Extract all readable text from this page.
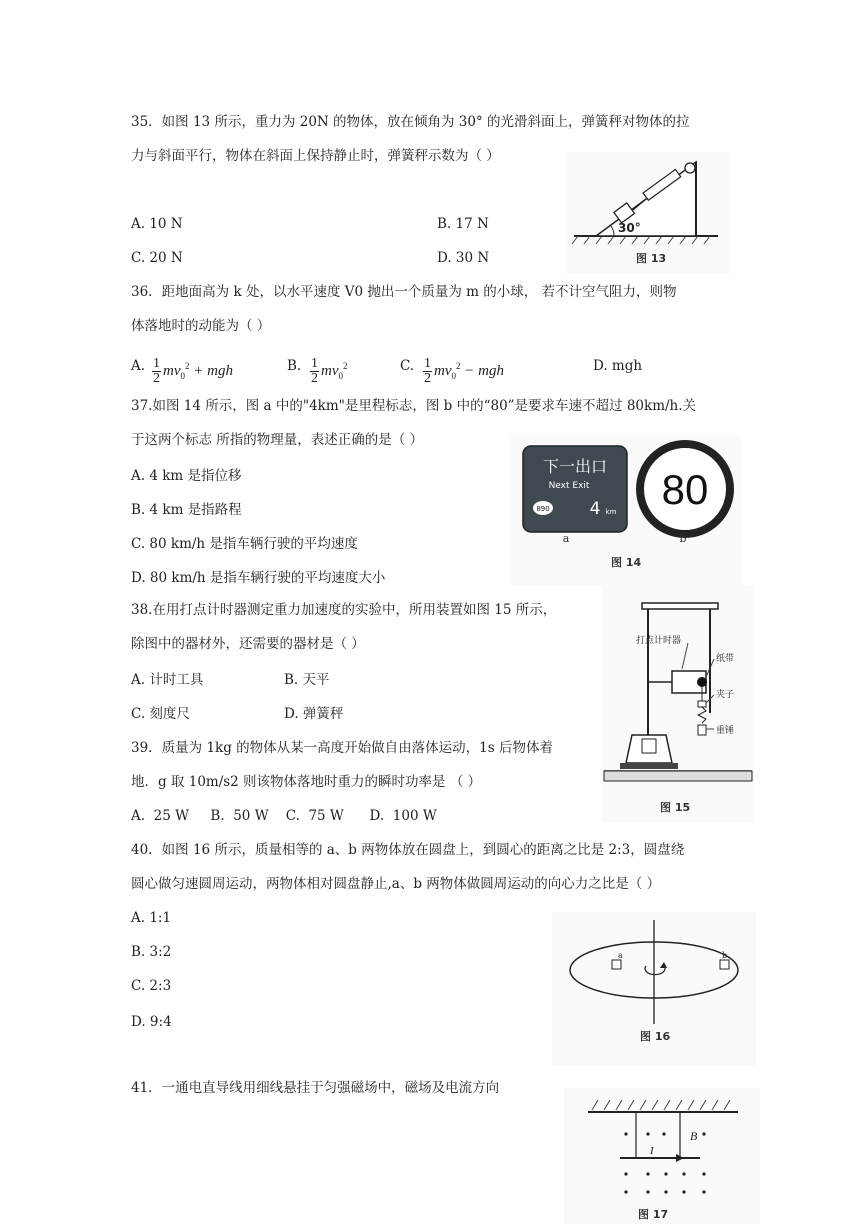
35．如图 13 所示，重力为 20N 的物体，放在倾角为 30° 的光滑斜面上，弹簧秤对物体的拉
力与斜面平行，物体在斜面上保持静止时，弹簧秤示数为（ ）
A. 10 N	B. 17 N
C. 20 N	D. 30 N
30°
图 13
36．距地面高为 k 处，以水平速度 V0 抛出一个质量为 m 的小球， 若不计空气阻力，则物
体落地时的动能为（ ）
A. $\frac{1}{2} mv_0^2$ + mgh	B. $\frac{1}{2} mv_0^2$	C. $\frac{1}{2} mv_0^2$ − mgh	D. mgh
37.如图 14 所示，图 a 中的"4km"是里程标志，图 b 中的“80”是要求车速不超过 80km/h.关
于这两个标志 所指的物理量，表述正确的是（ ）
A. 4 km 是指位移
B. 4 km 是指路程
C. 80 km/h 是指车辆行驶的平均速度
D. 80 km/h 是指车辆行驶的平均速度大小
下一出口
Next Exit
890 4 km 80
a	b
图 14
38.在用打点计时器测定重力加速度的实验中，所用装置如图 15 所示，
除图中的器材外，还需要的器材是（ ）
A. 计时工具	B. 天平
C. 刻度尺	D. 弹簧秤
打点计时器
纸带
夹子
重锤
图 15
39．质量为 1kg 的物体从某一高度开始做自由落体运动，1s 后物体着
地．g 取 10m/s2 则该物体落地时重力的瞬时功率是 （ ）
A.  25 W     B.  50 W    C.  75 W      D.  100 W
40．如图 16 所示，质量相等的 a、b 两物体放在圆盘上，到圆心的距离之比是 2:3，圆盘绕
圆心做匀速圆周运动，两物体相对圆盘静止,a、b 两物体做圆周运动的向心力之比是（ ）
A. 1:1
B. 3:2
C. 2:3
D. 9:4
a	b
图 16
41．一通电直导线用细线悬挂于匀强磁场中，磁场及电流方向
I
B
图 17
